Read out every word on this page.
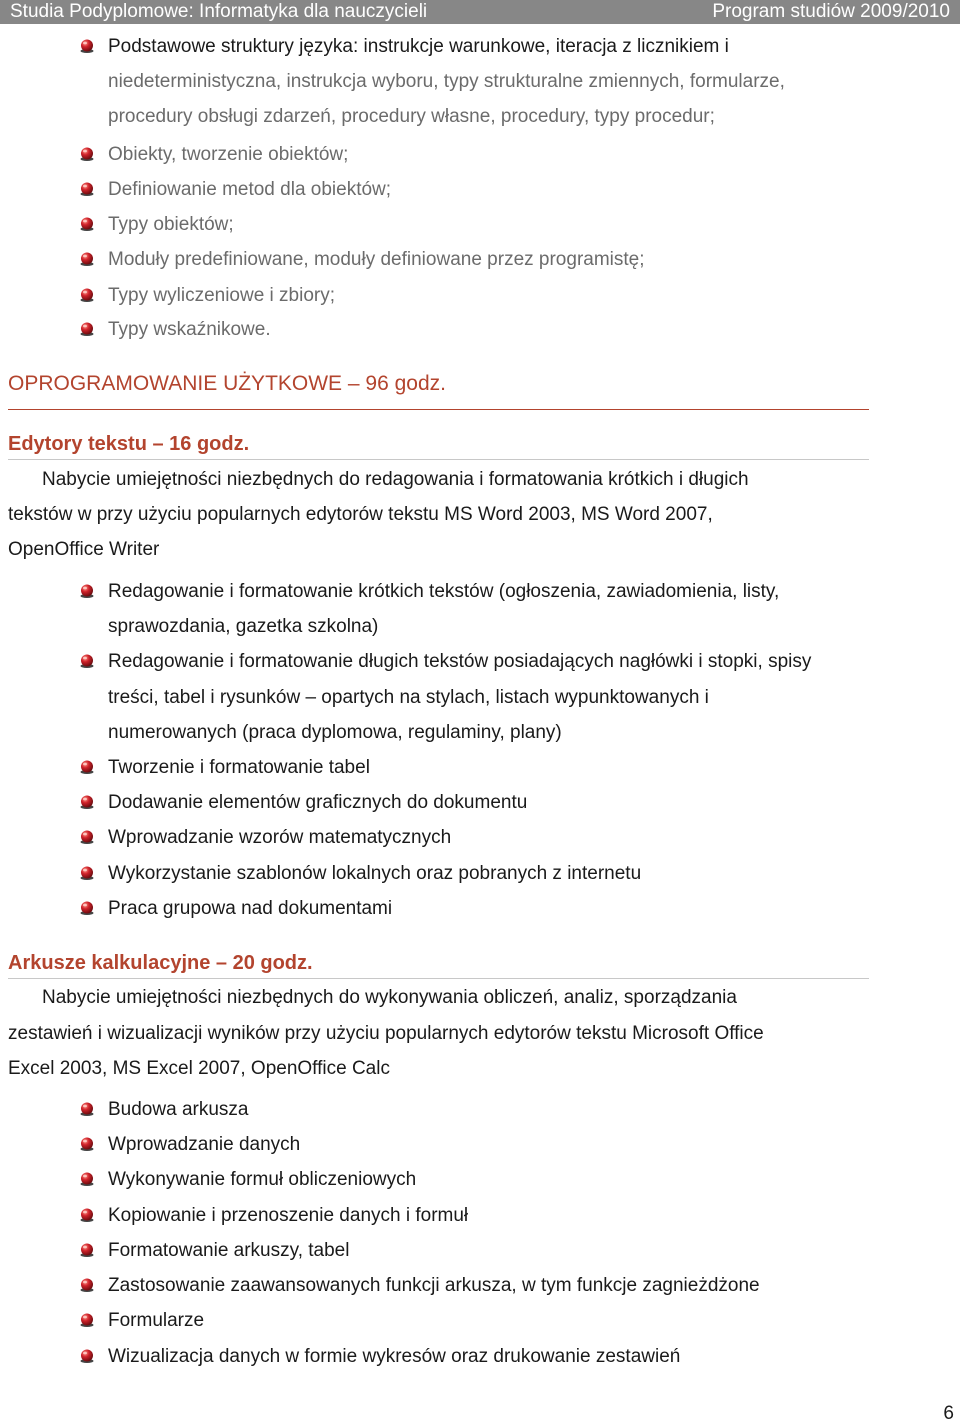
Studia Podyplomowe: Informatyka dla nauczycieli	Program studiów 2009/2010
Podstawowe struktury języka: instrukcje warunkowe, iteracja z licznikiem i
niedeterministyczna, instrukcja wyboru, typy strukturalne zmiennych, formularze,
procedury obsługi zdarzeń, procedury własne, procedury, typy procedur;
Obiekty, tworzenie obiektów;
Definiowanie metod dla obiektów;
Typy obiektów;
Moduły predefiniowane, moduły definiowane przez programistę;
Typy wyliczeniowe i zbiory;
Typy wskaźnikowe.
OPROGRAMOWANIE UŻYTKOWE – 96 godz.
Edytory tekstu – 16 godz.
Nabycie umiejętności niezbędnych do redagowania i formatowania krótkich i długich
tekstów w przy użyciu popularnych edytorów tekstu MS Word 2003, MS Word 2007,
OpenOffice Writer
Redagowanie i formatowanie krótkich tekstów (ogłoszenia, zawiadomienia, listy,
sprawozdania, gazetka szkolna)
Redagowanie i formatowanie długich tekstów posiadających nagłówki i stopki, spisy
treści, tabel i rysunków – opartych na stylach, listach wypunktowanych i
numerowanych (praca dyplomowa, regulaminy, plany)
Tworzenie i formatowanie tabel
Dodawanie elementów graficznych do dokumentu
Wprowadzanie wzorów matematycznych
Wykorzystanie szablonów lokalnych oraz pobranych z internetu
Praca grupowa nad dokumentami
Arkusze kalkulacyjne – 20 godz.
Nabycie umiejętności niezbędnych do wykonywania obliczeń, analiz, sporządzania
zestawień i wizualizacji wyników przy użyciu popularnych edytorów tekstu Microsoft Office
Excel 2003, MS Excel 2007, OpenOffice Calc
Budowa arkusza
Wprowadzanie danych
Wykonywanie formuł obliczeniowych
Kopiowanie i przenoszenie danych i formuł
Formatowanie arkuszy, tabel
Zastosowanie zaawansowanych funkcji arkusza, w tym funkcje zagnieżdżone
Formularze
Wizualizacja danych w formie wykresów oraz drukowanie zestawień
6
